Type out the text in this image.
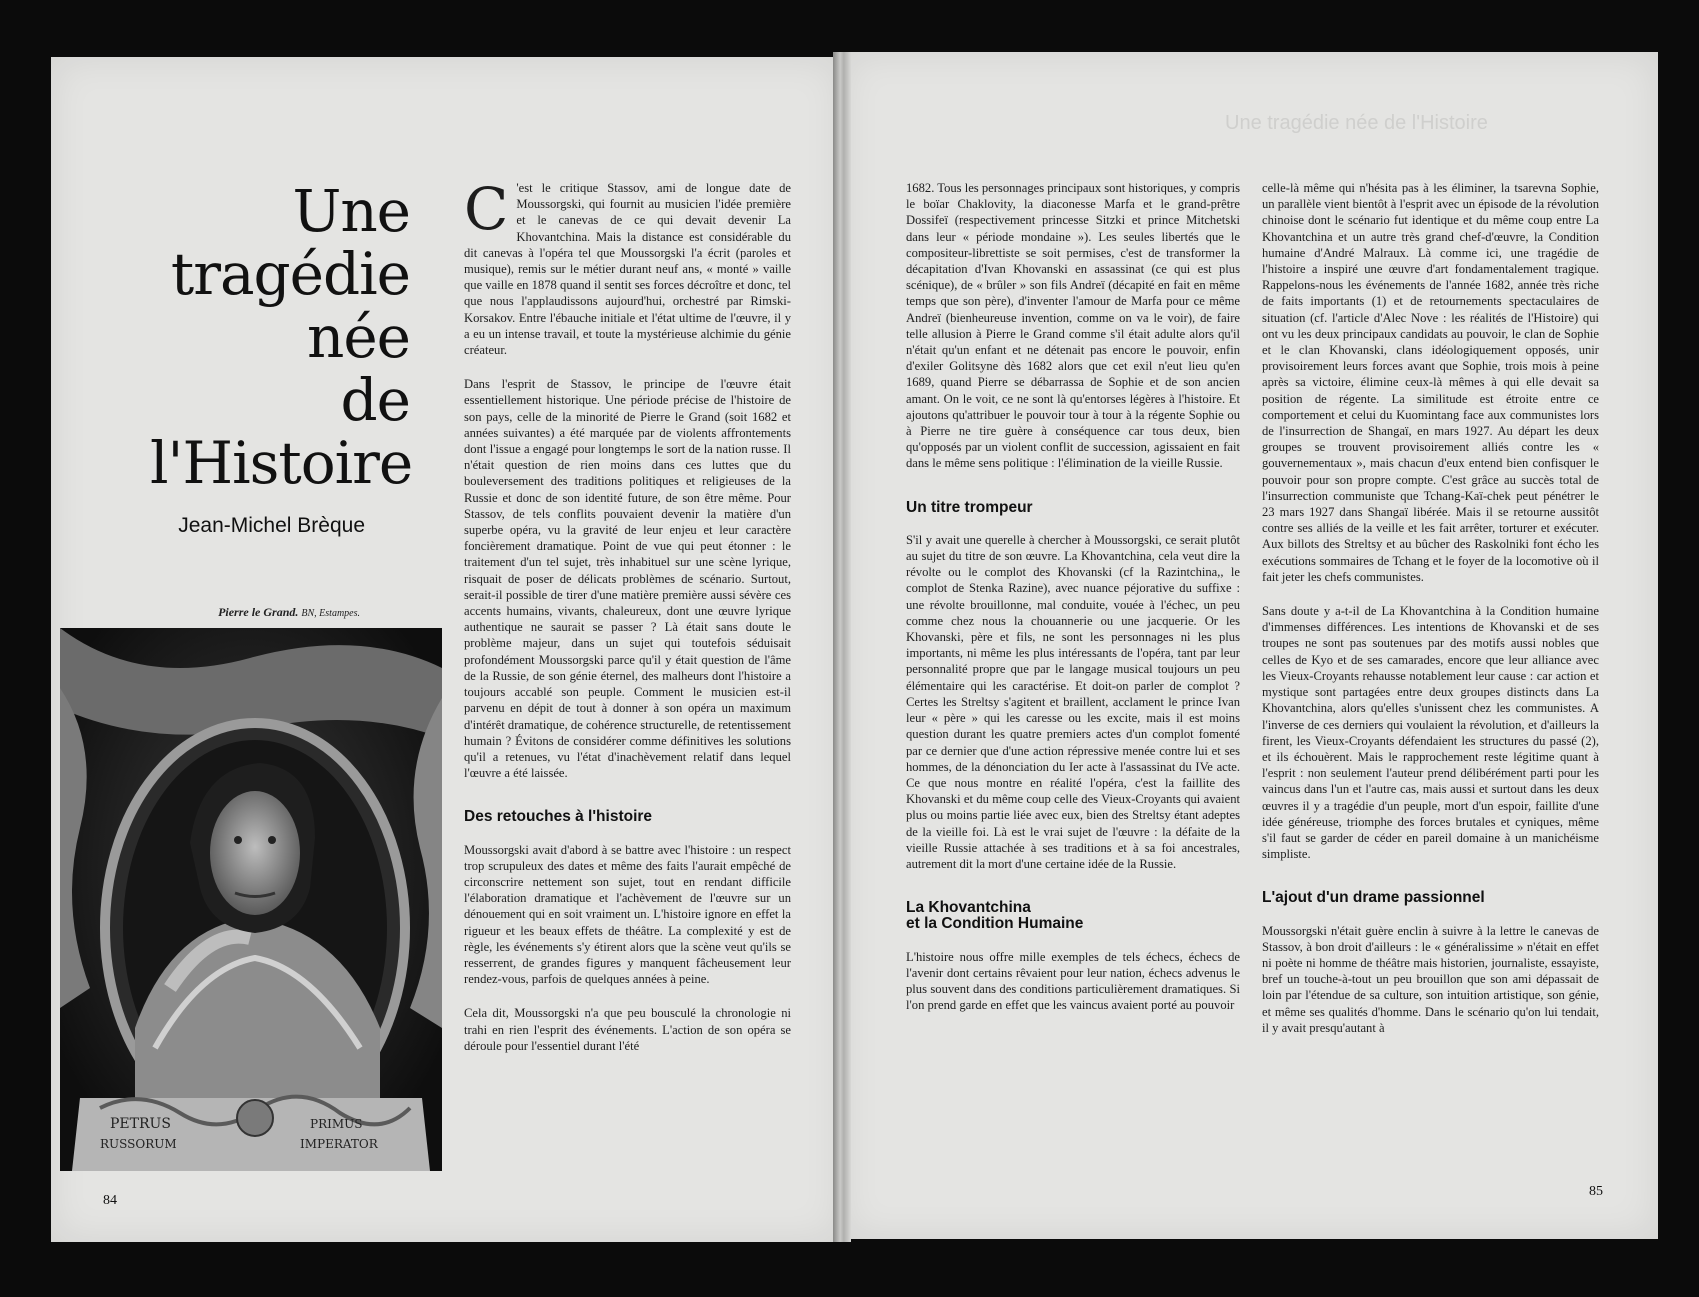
Une tragédie née de l'Histoire
Une
tragédie
née
de
l'Histoire
Jean-Michel Brèque
Pierre le Grand. BN, Estampes.
PETRUS
RUSSORUM
PRIMUS
IMPERATOR

C 'est le critique Stassov, ami de longue date de Moussorgski, qui fournit au musicien l'idée première et le canevas de ce qui devait devenir La Khovantchina. Mais la distance est considérable du dit canevas à l'opéra tel que Moussorgski l'a écrit (paroles et musique), remis sur le métier durant neuf ans, « monté » vaille que vaille en 1878 quand il sentit ses forces décroître et donc, tel que nous l'applaudissons aujourd'hui, orchestré par Rimski-Korsakov. Entre l'ébauche initiale et l'état ultime de l'œuvre, il y a eu un intense travail, et toute la mystérieuse alchimie du génie créateur.

Dans l'esprit de Stassov, le principe de l'œuvre était essentiellement historique. Une période précise de l'histoire de son pays, celle de la minorité de Pierre le Grand (soit 1682 et années suivantes) a été marquée par de violents affrontements dont l'issue a engagé pour longtemps le sort de la nation russe. Il n'était question de rien moins dans ces luttes que du bouleversement des traditions politiques et religieuses de la Russie et donc de son identité future, de son être même. Pour Stassov, de tels conflits pouvaient devenir la matière d'un superbe opéra, vu la gravité de leur enjeu et leur caractère foncièrement dramatique. Point de vue qui peut étonner : le traitement d'un tel sujet, très inhabituel sur une scène lyrique, risquait de poser de délicats problèmes de scénario. Surtout, serait-il possible de tirer d'une matière première aussi sévère ces accents humains, vivants, chaleureux, dont une œuvre lyrique authentique ne saurait se passer ? Là était sans doute le problème majeur, dans un sujet qui toutefois séduisait profondément Moussorgski parce qu'il y était question de l'âme de la Russie, de son génie éternel, des malheurs dont l'histoire a toujours accablé son peuple. Comment le musicien est-il parvenu en dépit de tout à donner à son opéra un maximum d'intérêt dramatique, de cohérence structurelle, de retentissement humain ? Évitons de considérer comme définitives les solutions qu'il a retenues, vu l'état d'inachèvement relatif dans lequel l'œuvre a été laissée.

Des retouches à l'histoire

Moussorgski avait d'abord à se battre avec l'histoire : un respect trop scrupuleux des dates et même des faits l'aurait empêché de circonscrire nettement son sujet, tout en rendant difficile l'élaboration dramatique et l'achèvement de l'œuvre sur un dénouement qui en soit vraiment un. L'histoire ignore en effet la rigueur et les beaux effets de théâtre. La complexité y est de règle, les événements s'y étirent alors que la scène veut qu'ils se resserrent, de grandes figures y manquent fâcheusement leur rendez-vous, parfois de quelques années à peine.

Cela dit, Moussorgski n'a que peu bousculé la chronologie ni trahi en rien l'esprit des événements. L'action de son opéra se déroule pour l'essentiel durant l'été

1682. Tous les personnages principaux sont historiques, y compris le boïar Chaklovity, la diaconesse Marfa et le grand-prêtre Dossifeï (respectivement princesse Sitzki et prince Mitchetski dans leur « période mondaine »). Les seules libertés que le compositeur-librettiste se soit permises, c'est de transformer la décapitation d'Ivan Khovanski en assassinat (ce qui est plus scénique), de « brûler » son fils Andreï (décapité en fait en même temps que son père), d'inventer l'amour de Marfa pour ce même Andreï (bienheureuse invention, comme on va le voir), de faire telle allusion à Pierre le Grand comme s'il était adulte alors qu'il n'était qu'un enfant et ne détenait pas encore le pouvoir, enfin d'exiler Golitsyne dès 1682 alors que cet exil n'eut lieu qu'en 1689, quand Pierre se débarrassa de Sophie et de son ancien amant. On le voit, ce ne sont là qu'entorses légères à l'histoire. Et ajoutons qu'attribuer le pouvoir tour à tour à la régente Sophie ou à Pierre ne tire guère à conséquence car tous deux, bien qu'opposés par un violent conflit de succession, agissaient en fait dans le même sens politique : l'élimination de la vieille Russie.

Un titre trompeur

S'il y avait une querelle à chercher à Moussorgski, ce serait plutôt au sujet du titre de son œuvre. La Khovantchina, cela veut dire la révolte ou le complot des Khovanski (cf la Razintchina,, le complot de Stenka Razine), avec nuance péjorative du suffixe : une révolte brouillonne, mal conduite, vouée à l'échec, un peu comme chez nous la chouannerie ou une jacquerie. Or les Khovanski, père et fils, ne sont les personnages ni les plus importants, ni même les plus intéressants de l'opéra, tant par leur personnalité propre que par le langage musical toujours un peu élémentaire qui les caractérise. Et doit-on parler de complot ? Certes les Streltsy s'agitent et braillent, acclament le prince Ivan leur « père » qui les caresse ou les excite, mais il est moins question durant les quatre premiers actes d'un complot fomenté par ce dernier que d'une action répressive menée contre lui et ses hommes, de la dénonciation du Ier acte à l'assassinat du IVe acte. Ce que nous montre en réalité l'opéra, c'est la faillite des Khovanski et du même coup celle des Vieux-Croyants qui avaient plus ou moins partie liée avec eux, bien des Streltsy étant adeptes de la vieille foi. Là est le vrai sujet de l'œuvre : la défaite de la vieille Russie attachée à ses traditions et à sa foi ancestrales, autrement dit la mort d'une certaine idée de la Russie.

La Khovantchina
et la Condition Humaine

L'histoire nous offre mille exemples de tels échecs, échecs de l'avenir dont certains rêvaient pour leur nation, échecs advenus le plus souvent dans des conditions particulièrement dramatiques. Si l'on prend garde en effet que les vaincus avaient porté au pouvoir

celle-là même qui n'hésita pas à les éliminer, la tsarevna Sophie, un parallèle vient bientôt à l'esprit avec un épisode de la révolution chinoise dont le scénario fut identique et du même coup entre La Khovantchina et un autre très grand chef-d'œuvre, la Condition humaine d'André Malraux. Là comme ici, une tragédie de l'histoire a inspiré une œuvre d'art fondamentalement tragique. Rappelons-nous les événements de l'année 1682, année très riche de faits importants (1) et de retournements spectaculaires de situation (cf. l'article d'Alec Nove : les réalités de l'Histoire) qui ont vu les deux principaux candidats au pouvoir, le clan de Sophie et le clan Khovanski, clans idéologiquement opposés, unir provisoirement leurs forces avant que Sophie, trois mois à peine après sa victoire, élimine ceux-là mêmes à qui elle devait sa position de régente. La similitude est étroite entre ce comportement et celui du Kuomintang face aux communistes lors de l'insurrection de Shangaï, en mars 1927. Au départ les deux groupes se trouvent provisoirement alliés contre les « gouvernementaux », mais chacun d'eux entend bien confisquer le pouvoir pour son propre compte. C'est grâce au succès total de l'insurrection communiste que Tchang-Kaï-chek peut pénétrer le 23 mars 1927 dans Shangaï libérée. Mais il se retourne aussitôt contre ses alliés de la veille et les fait arrêter, torturer et exécuter. Aux billots des Streltsy et au bûcher des Raskolniki font écho les exécutions sommaires de Tchang et le foyer de la locomotive où il fait jeter les chefs communistes.

Sans doute y a-t-il de La Khovantchina à la Condition humaine d'immenses différences. Les intentions de Khovanski et de ses troupes ne sont pas soutenues par des motifs aussi nobles que celles de Kyo et de ses camarades, encore que leur alliance avec les Vieux-Croyants rehausse notablement leur cause : car action et mystique sont partagées entre deux groupes distincts dans La Khovantchina, alors qu'elles s'unissent chez les communistes. A l'inverse de ces derniers qui voulaient la révolution, et d'ailleurs la firent, les Vieux-Croyants défendaient les structures du passé (2), et ils échouèrent. Mais le rapprochement reste légitime quant à l'esprit : non seulement l'auteur prend délibérément parti pour les vaincus dans l'un et l'autre cas, mais aussi et surtout dans les deux œuvres il y a tragédie d'un peuple, mort d'un espoir, faillite d'une idée généreuse, triomphe des forces brutales et cyniques, même s'il faut se garder de céder en pareil domaine à un manichéisme simpliste.

L'ajout d'un drame passionnel

Moussorgski n'était guère enclin à suivre à la lettre le canevas de Stassov, à bon droit d'ailleurs : le « généralissime » n'était en effet ni poète ni homme de théâtre mais historien, journaliste, essayiste, bref un touche-à-tout un peu brouillon que son ami dépassait de loin par l'étendue de sa culture, son intuition artistique, son génie, et même ses qualités d'homme. Dans le scénario qu'on lui tendait, il y avait presqu'autant à

84
85
